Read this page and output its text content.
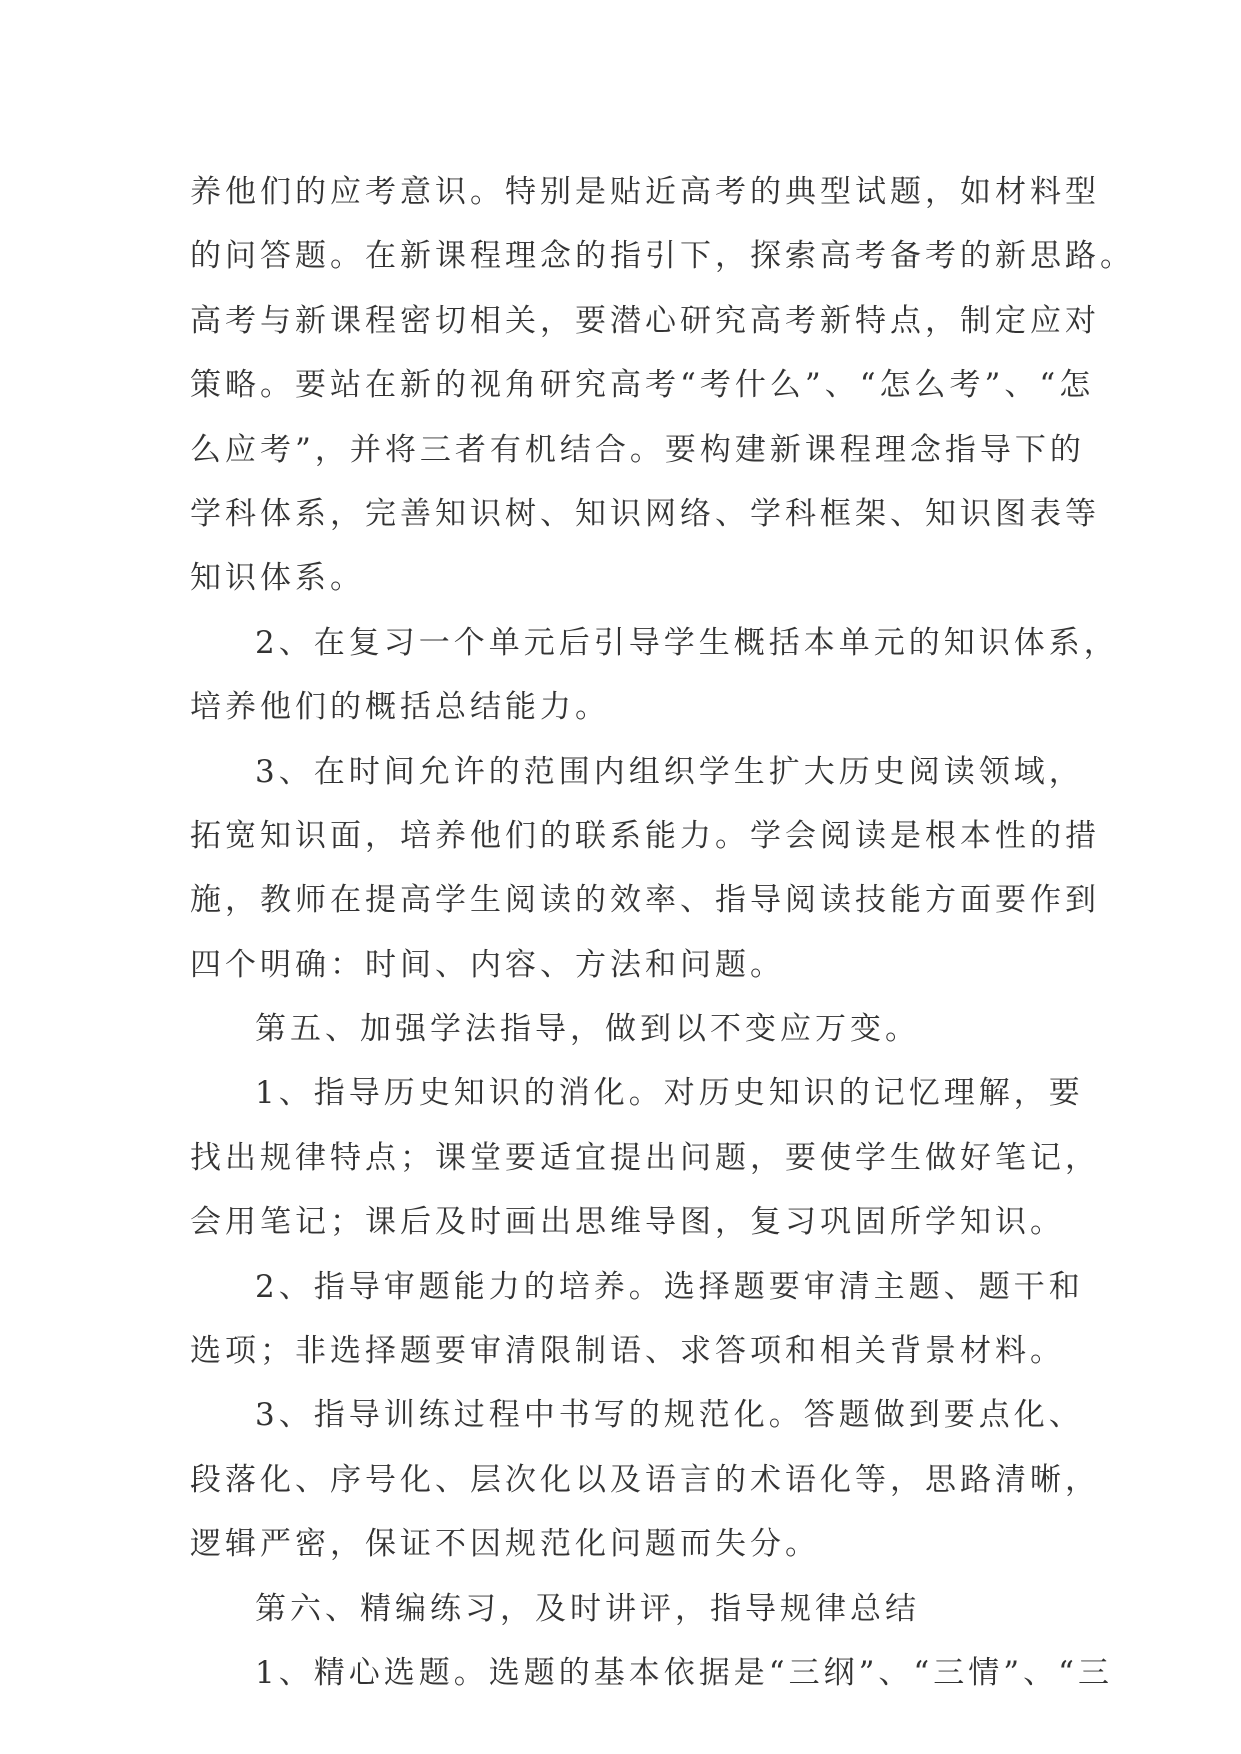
养他们的应考意识。特别是贴近高考的典型试题，如材料型
的问答题。在新课程理念的指引下，探索高考备考的新思路。
高考与新课程密切相关，要潜心研究高考新特点，制定应对
策略。要站在新的视角研究高考“考什么”、“怎么考”、“怎
么应考”，并将三者有机结合。要构建新课程理念指导下的
学科体系，完善知识树、知识网络、学科框架、知识图表等
知识体系。
2、在复习一个单元后引导学生概括本单元的知识体系，
培养他们的概括总结能力。
3、在时间允许的范围内组织学生扩大历史阅读领域，
拓宽知识面，培养他们的联系能力。学会阅读是根本性的措
施，教师在提高学生阅读的效率、指导阅读技能方面要作到
四个明确：时间、内容、方法和问题。
第五、加强学法指导，做到以不变应万变。
1、指导历史知识的消化。对历史知识的记忆理解，要
找出规律特点；课堂要适宜提出问题，要使学生做好笔记，
会用笔记；课后及时画出思维导图，复习巩固所学知识。
2、指导审题能力的培养。选择题要审清主题、题干和
选项；非选择题要审清限制语、求答项和相关背景材料。
3、指导训练过程中书写的规范化。答题做到要点化、
段落化、序号化、层次化以及语言的术语化等，思路清晰，
逻辑严密，保证不因规范化问题而失分。
第六、精编练习，及时讲评，指导规律总结
1、精心选题。选题的基本依据是“三纲”、“三情”、“三
